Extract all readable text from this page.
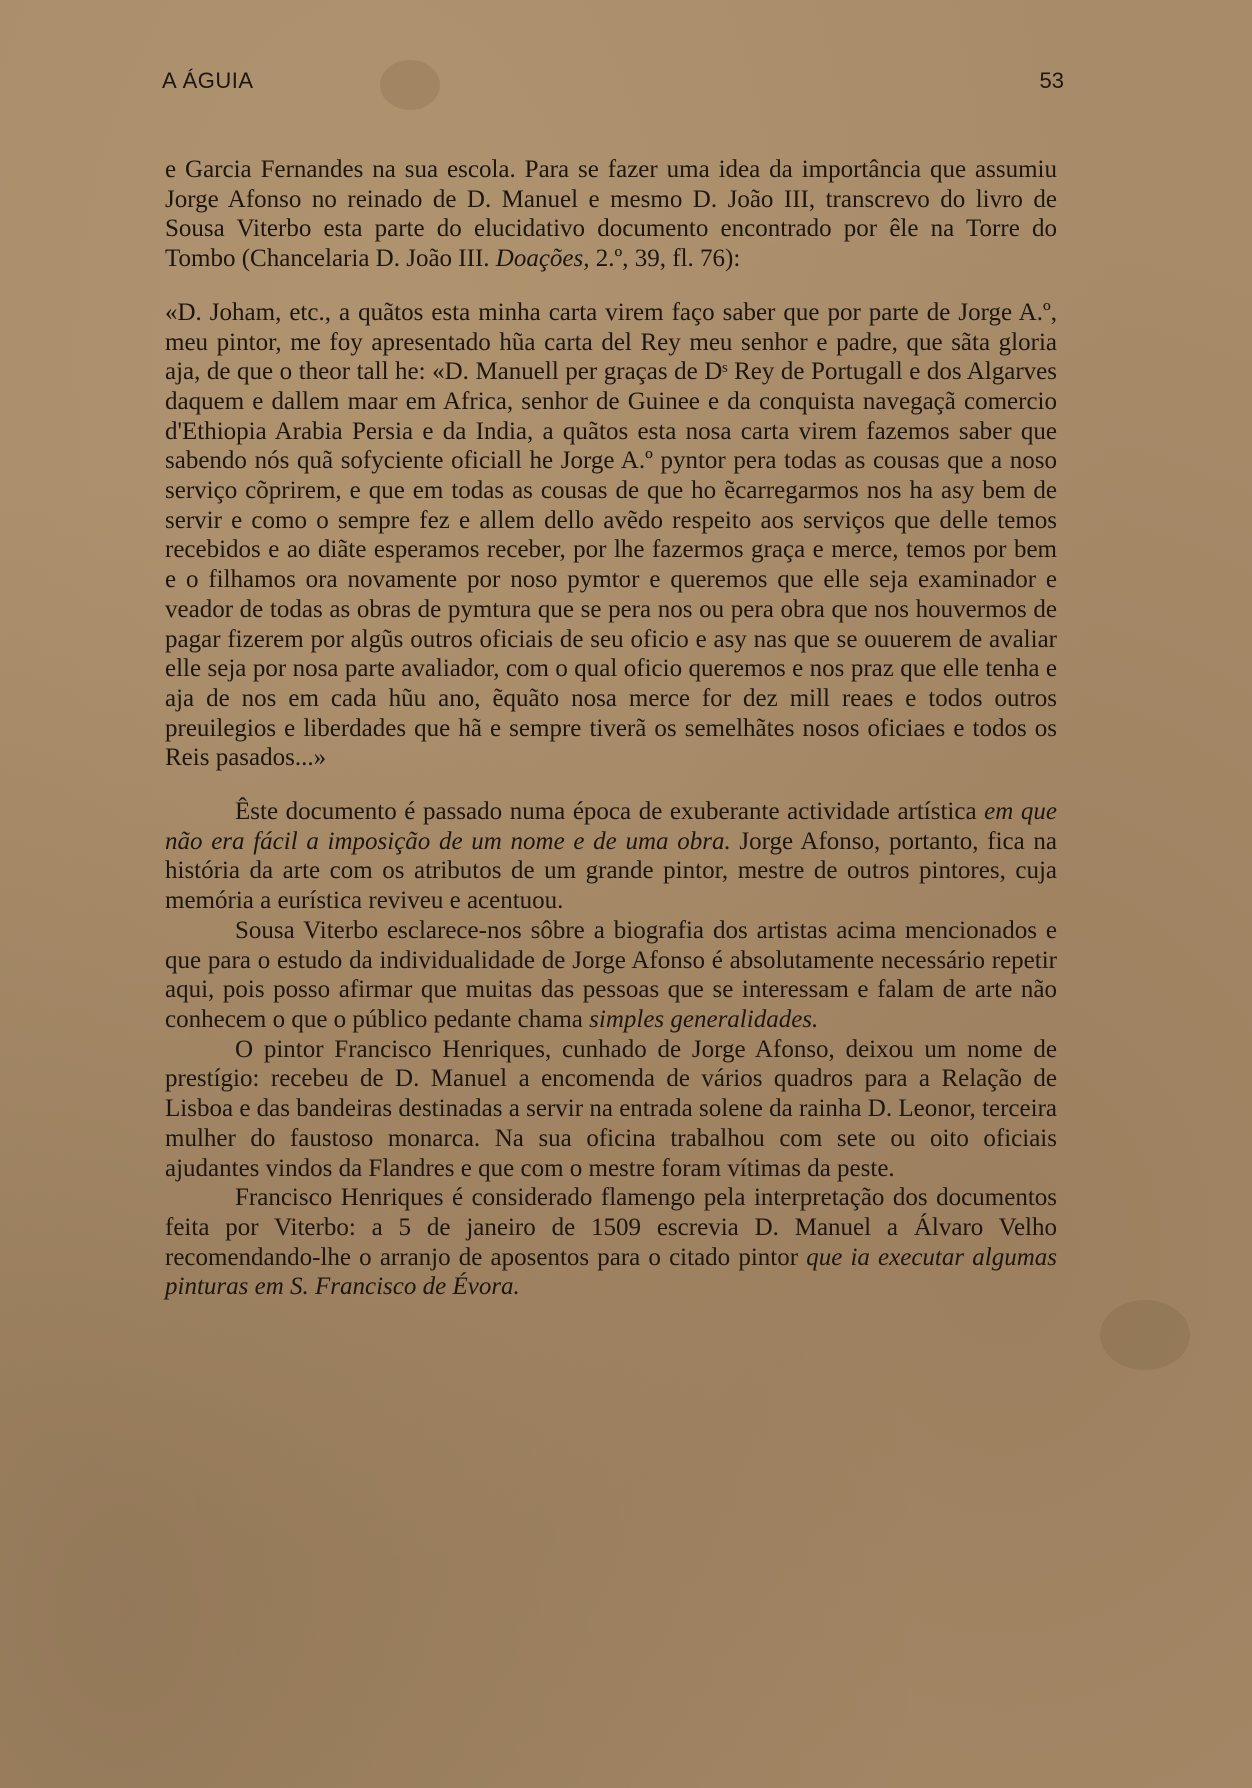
A ÁGUIA	53

e Garcia Fernandes na sua escola. Para se fazer uma idea da importância que assumiu Jorge Afonso no reinado de D. Manuel e mesmo D. João III, transcrevo do livro de Sousa Viterbo esta parte do elucidativo documento encontrado por êle na Torre do Tombo (Chancelaria D. João III. Doações, 2.º, 39, fl. 76):

«D. Joham, etc., a quãtos esta minha carta virem faço saber que por parte de Jorge A.º, meu pintor, me foy apresentado hũa carta del Rey meu senhor e padre, que sãta gloria aja, de que o theor tall he: «D. Manuell per graças de Dˢ Rey de Portugall e dos Algarves daquem e dallem maar em Africa, senhor de Guinee e da conquista navegaçã comercio d'Ethiopia Arabia Persia e da India, a quãtos esta nosa carta virem fazemos saber que sabendo nós quã sofyciente oficiall he Jorge A.º pyntor pera todas as cousas que a noso serviço cõprirem, e que em todas as cousas de que ho ẽcarregarmos nos ha asy bem de servir e como o sempre fez e allem dello avẽdo respeito aos serviços que delle temos recebidos e ao diãte esperamos receber, por lhe fazermos graça e merce, temos por bem e o filhamos ora novamente por noso pymtor e queremos que elle seja examinador e veador de todas as obras de pymtura que se pera nos ou pera obra que nos houvermos de pagar fizerem por algũs outros oficiais de seu oficio e asy nas que se ouuerem de avaliar elle seja por nosa parte avaliador, com o qual oficio queremos e nos praz que elle tenha e aja de nos em cada hũu ano, ẽquãto nosa merce for dez mill reaes e todos outros preuilegios e liberdades que hã e sempre tiverã os semelhãtes nosos oficiaes e todos os Reis pasados...»

Êste documento é passado numa época de exuberante actividade artística em que não era fácil a imposição de um nome e de uma obra. Jorge Afonso, portanto, fica na história da arte com os atributos de um grande pintor, mestre de outros pintores, cuja memória a eurística reviveu e acentuou.

Sousa Viterbo esclarece-nos sôbre a biografia dos artistas acima mencionados e que para o estudo da individualidade de Jorge Afonso é absolutamente necessário repetir aqui, pois posso afirmar que muitas das pessoas que se interessam e falam de arte não conhecem o que o público pedante chama simples generalidades.

O pintor Francisco Henriques, cunhado de Jorge Afonso, deixou um nome de prestígio: recebeu de D. Manuel a encomenda de vários quadros para a Relação de Lisboa e das bandeiras destinadas a servir na entrada solene da rainha D. Leonor, terceira mulher do faustoso monarca. Na sua oficina trabalhou com sete ou oito oficiais ajudantes vindos da Flandres e que com o mestre foram vítimas da peste.

Francisco Henriques é considerado flamengo pela interpretação dos documentos feita por Viterbo: a 5 de janeiro de 1509 escrevia D. Manuel a Álvaro Velho recomendando-lhe o arranjo de aposentos para o citado pintor que ia executar algumas pinturas em S. Francisco de Évora.
